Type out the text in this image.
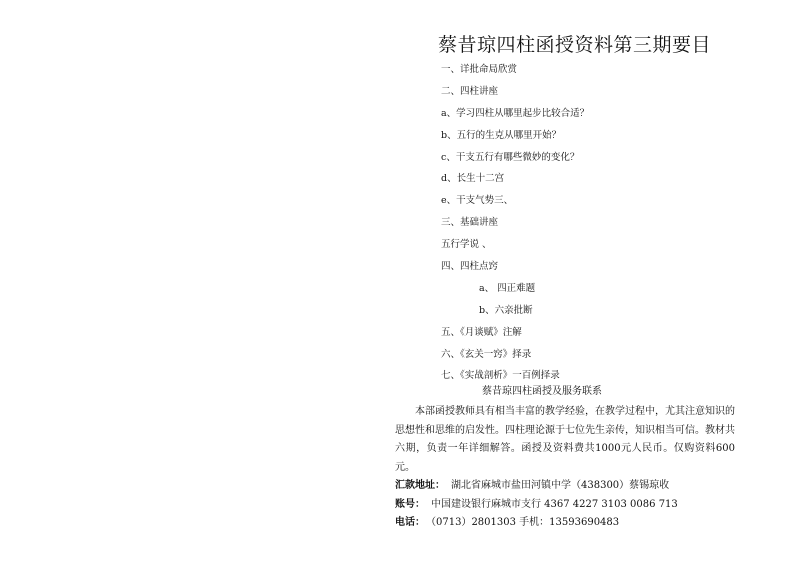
蔡昔琼四柱函授资料第三期要目
一、详批命局欣赏
二、四柱讲座
a、学习四柱从哪里起步比较合适？
b、五行的生克从哪里开始？
c、干支五行有哪些微妙的变化？
d、长生十二宫
e、干支气势三、
三、基础讲座
五行学说 、
四、四柱点窍
a、 四正难题
b、六亲批断
五、《月谈赋》注解
六、《玄关一窍》择录
七、《实战剖析》一百例择录
蔡昔琼四柱函授及服务联系

本部函授教师具有相当丰富的教学经验，在教学过程中，尤其注意知识的思想性和思维的启发性。四柱理论源于七位先生亲传，知识相当可信。教材共六期，负责一年详细解答。函授及资料费共1000元人民币。仅购资料600元。

汇款地址： 湖北省麻城市盐田河镇中学（438300）蔡锡琼收

账号： 中国建设银行麻城市支行 4367 4227 3103 0086 713

电话： （0713）2801303 手机：13593690483
